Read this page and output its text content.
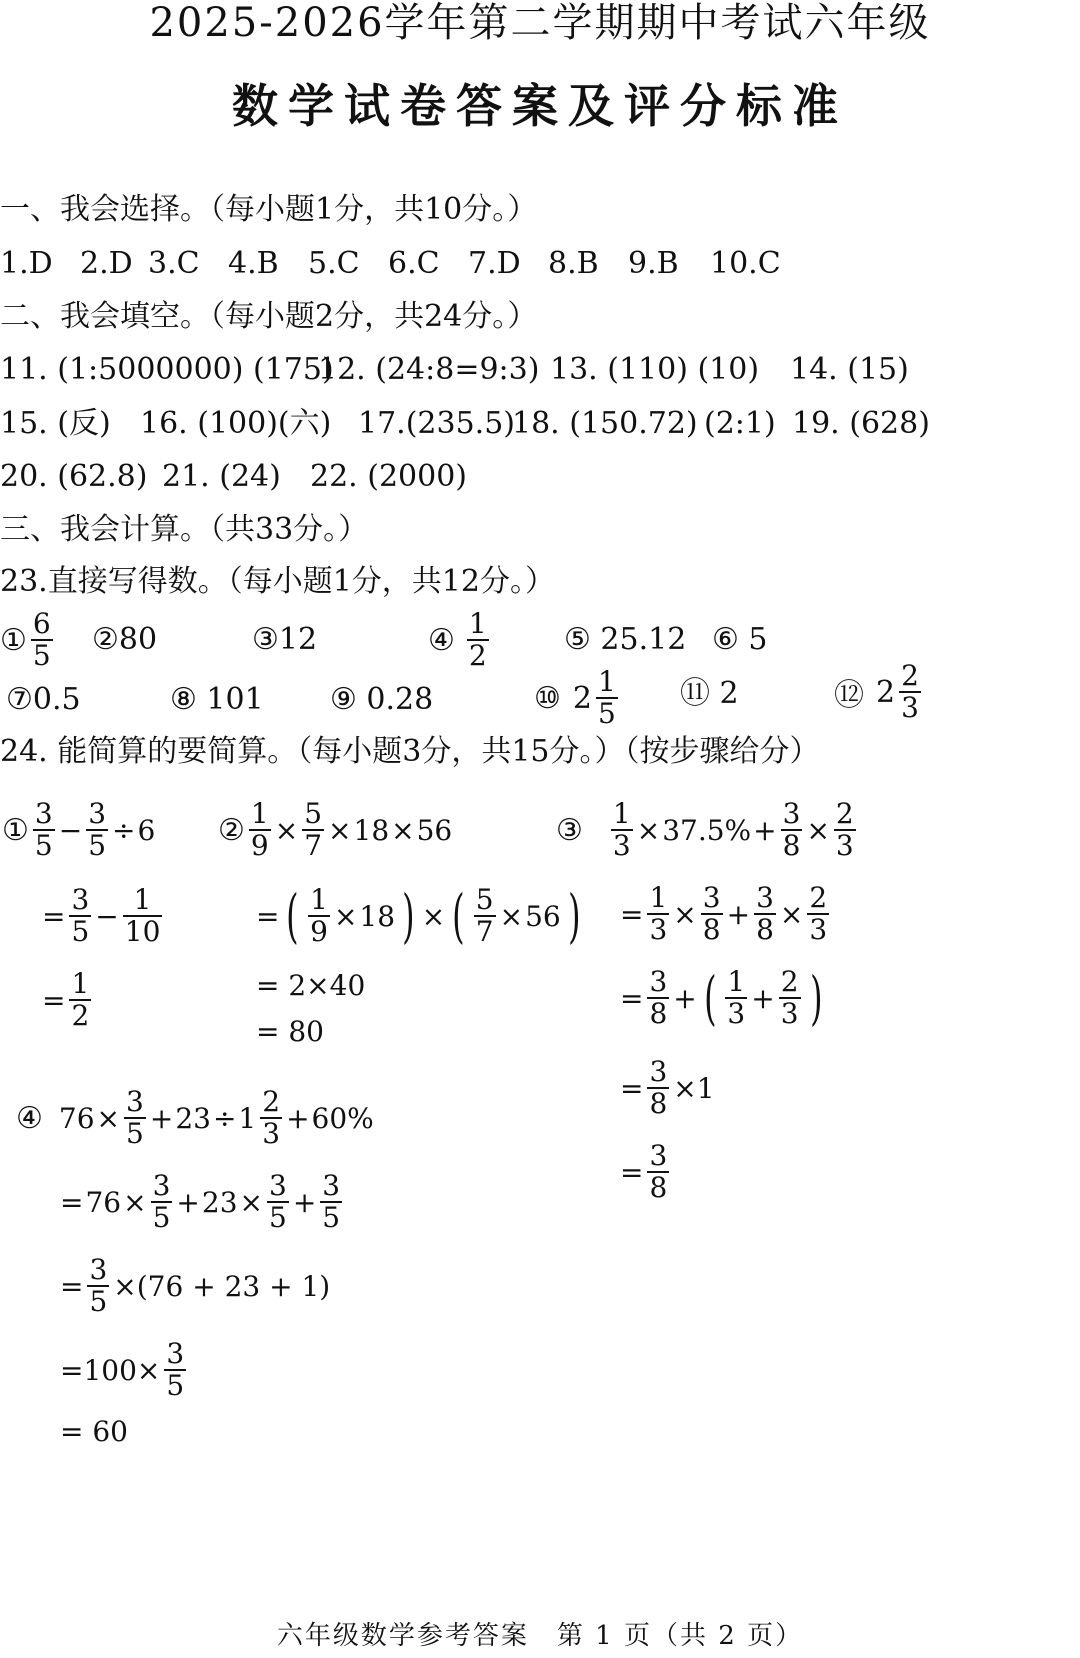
2025-2026学年第二学期期中考试六年级
数学试卷答案及评分标准
一、我会选择。（每小题1分，共10分。）
1.D 2.D 3.C 4.B 5.C 6.C 7.D 8.B 9.B 10.C
二、我会填空。（每小题2分，共24分。）
11. (1:5000000) (175)
12. (24:8=9:3) 13. (110) (10) 14. (15)
15. (反) 16. (100)(六) 17.(235.5)
18. (150.72) (2:1) 19. (628)
20. (62.8) 21. (24) 22. (2000)
三、我会计算。（共33分。）
23.直接写得数。（每小题1分，共12分。）
① $\frac{6}{5}$ ②80	③12	④ $\frac{1}{2}$	⑤ 25.12 ⑥ 5
⑦0.5	⑧ 101 ⑨ 0.28	⑩ $2 \frac{1}{5}$ ⑪ 2	⑫ $2 \frac{2}{3}$
24. 能简算的要简算。（每小题3分，共15分。）（按步骤给分）
① $\frac{3}{5} - \frac{3}{5} \div 6$
= $\frac{3}{5} - \frac{1}{10}$
= $\frac{1}{2}$
② $\frac{1}{9} \times \frac{5}{7} \times 18 \times 56$
= ( $\frac{1}{9} \times 18$ ) × ( $\frac{5}{7} \times 56$ )
= 2×40
= 80
③ $\frac{1}{3} \times 37.5\% + \frac{3}{8} \times \frac{2}{3}$
= $\frac{1}{3} \times \frac{3}{8} + \frac{3}{8} \times \frac{2}{3}$
= $\frac{3}{8}$ + ( $\frac{1}{3} + \frac{2}{3}$ )
= $\frac{3}{8} \times 1$
= $\frac{3}{8}$
④ $76 \times \frac{3}{5} + 23 \div 1 \frac{2}{3} + 60\%$
= $76 \times \frac{3}{5} + 23 \times \frac{3}{5} + \frac{3}{5}$
= $\frac{3}{5} \times(76 + 23 + 1)$
$=100\times \frac{3}{5}$
= 60
六年级数学参考答案　第 1 页（共 2 页）
